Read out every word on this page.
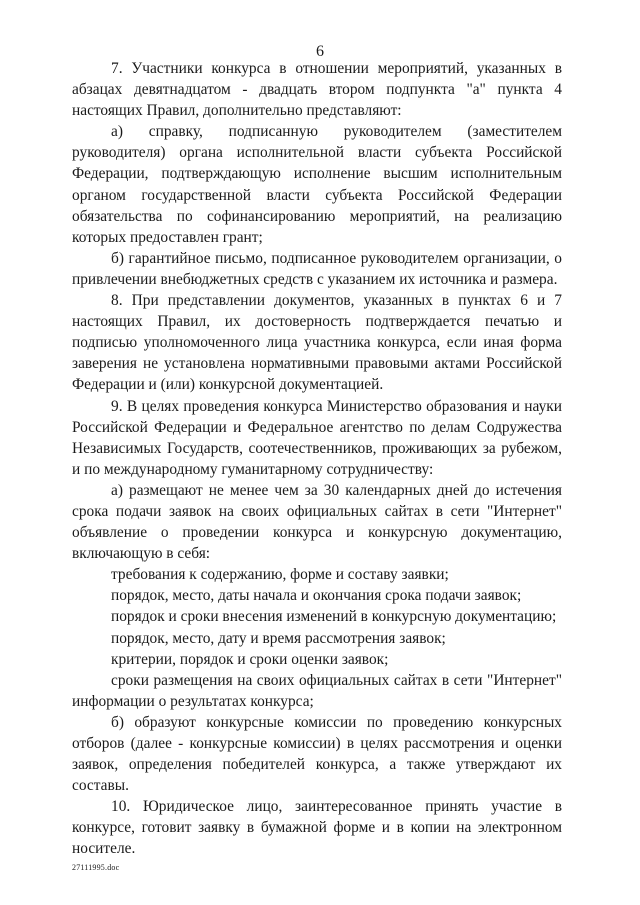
6

7. Участники конкурса в отношении мероприятий, указанных в абзацах девятнадцатом - двадцать втором подпункта "а" пункта 4 настоящих Правил, дополнительно представляют:

а) справку, подписанную руководителем (заместителем руководителя) органа исполнительной власти субъекта Российской Федерации, подтверждающую исполнение высшим исполнительным органом государственной власти субъекта Российской Федерации обязательства по софинансированию мероприятий, на реализацию которых предоставлен грант;

б) гарантийное письмо, подписанное руководителем организации, о привлечении внебюджетных средств с указанием их источника и размера.

8. При представлении документов, указанных в пунктах 6 и 7 настоящих Правил, их достоверность подтверждается печатью и подписью уполномоченного лица участника конкурса, если иная форма заверения не установлена нормативными правовыми актами Российской Федерации и (или) конкурсной документацией.

9. В целях проведения конкурса Министерство образования и науки Российской Федерации и Федеральное агентство по делам Содружества Независимых Государств, соотечественников, проживающих за рубежом, и по международному гуманитарному сотрудничеству:

а) размещают не менее чем за 30 календарных дней до истечения срока подачи заявок на своих официальных сайтах в сети "Интернет" объявление о проведении конкурса и конкурсную документацию, включающую в себя:

требования к содержанию, форме и составу заявки;

порядок, место, даты начала и окончания срока подачи заявок;

порядок и сроки внесения изменений в конкурсную документацию;

порядок, место, дату и время рассмотрения заявок;

критерии, порядок и сроки оценки заявок;

сроки размещения на своих официальных сайтах в сети "Интернет" информации о результатах конкурса;

б) образуют конкурсные комиссии по проведению конкурсных отборов (далее - конкурсные комиссии) в целях рассмотрения и оценки заявок, определения победителей конкурса, а также утверждают их составы.

10. Юридическое лицо, заинтересованное принять участие в конкурсе, готовит заявку в бумажной форме и в копии на электронном носителе.

27111995.doc
